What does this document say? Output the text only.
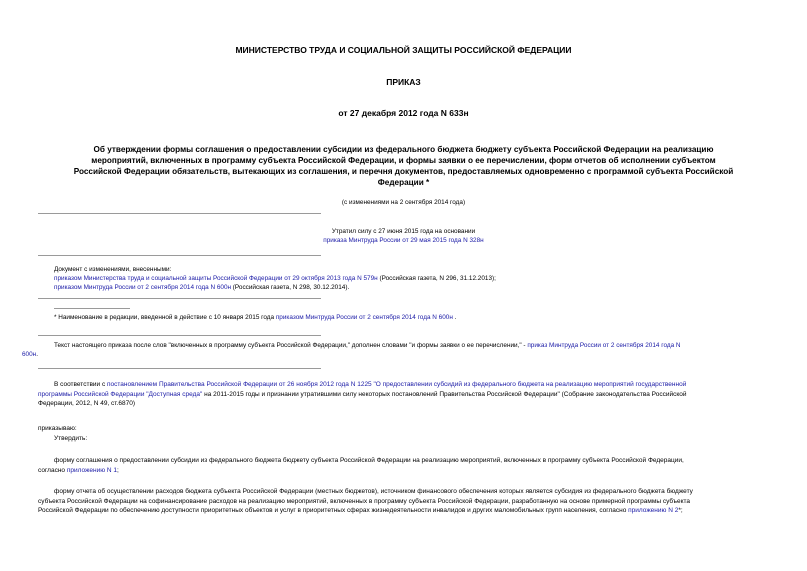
МИНИСТЕРСТВО ТРУДА И СОЦИАЛЬНОЙ ЗАЩИТЫ РОССИЙСКОЙ ФЕДЕРАЦИИ
ПРИКАЗ
от 27 декабря 2012 года N 633н
Об утверждении формы соглашения о предоставлении субсидии из федерального бюджета бюджету субъекта Российской Федерации на реализацию
мероприятий, включенных в программу субъекта Российской Федерации, и формы заявки о ее перечислении, форм отчетов об исполнении субъектом
Российской Федерации обязательств, вытекающих из соглашения, и перечня документов, предоставляемых одновременно с программой субъекта Российской
Федерации *
(с изменениями на 2 сентября 2014 года)
Утратил силу с 27 июня 2015 года на основании
приказа Минтруда России от 29 мая 2015 года N 328н
Документ с изменениями, внесенными:
приказом Министерства труда и социальной защиты Российской Федерации от 29 октября 2013 года N 579н (Российская газета, N 296, 31.12.2013);
приказом Минтруда России от 2 сентября 2014 года N 600н (Российская газета, N 298, 30.12.2014).
* Наименование в редакции, введенной в действие с 10 января 2015 года приказом Минтруда России от 2 сентября 2014 года N 600н .
Текст настоящего приказа после слов "включенных в программу субъекта Российской Федерации," дополнен словами "и формы заявки о ее перечислении," - приказ Минтруда России от 2 сентября 2014 года N
600н.
В соответствии с постановлением Правительства Российской Федерации от 26 ноября 2012 года N 1225 "О предоставлении субсидий из федерального бюджета на реализацию мероприятий государственной
программы Российской Федерации "Доступная среда" на 2011-2015 годы и признании утратившими силу некоторых постановлений Правительства Российской Федерации" (Собрание законодательства Российской
Федерации, 2012, N 49, ст.6870)
приказываю:
Утвердить:
форму соглашения о предоставлении субсидии из федерального бюджета бюджету субъекта Российской Федерации на реализацию мероприятий, включенных в программу субъекта Российской Федерации,
согласно приложению N 1;
форму отчета об осуществлении расходов бюджета субъекта Российской Федерации (местных бюджетов), источником финансового обеспечения которых является субсидия из федерального бюджета бюджету
субъекта Российской Федерации на софинансирование расходов на реализацию мероприятий, включенных в программу субъекта Российской Федерации, разработанную на основе примерной программы субъекта
Российской Федерации по обеспечению доступности приоритетных объектов и услуг в приоритетных сферах жизнедеятельности инвалидов и других маломобильных групп населения, согласно приложению N 2*;
